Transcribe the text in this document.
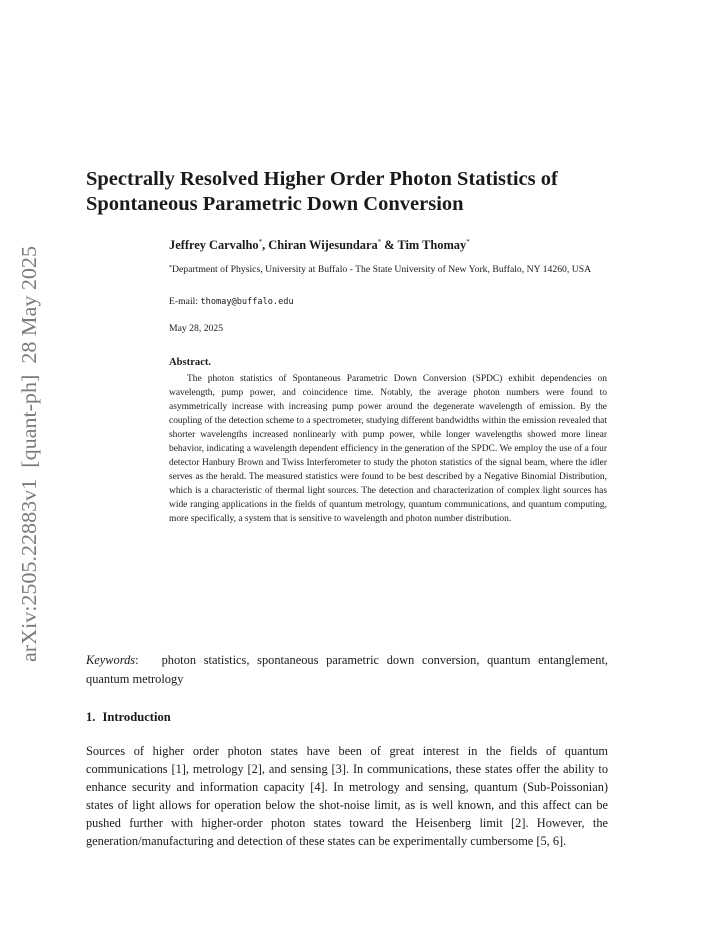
arXiv:2505.22883v1  [quant-ph]  28 May 2025
Spectrally Resolved Higher Order Photon Statistics of Spontaneous Parametric Down Conversion

Jeffrey Carvalho*, Chiran Wijesundara* & Tim Thomay*

*Department of Physics, University at Buffalo - The State University of New York, Buffalo, NY 14260, USA

E-mail: thomay@buffalo.edu

May 28, 2025

Abstract.

The photon statistics of Spontaneous Parametric Down Conversion (SPDC) exhibit dependencies on wavelength, pump power, and coincidence time. Notably, the average photon numbers were found to asymmetrically increase with increasing pump power around the degenerate wavelength of emission. By the coupling of the detection scheme to a spectrometer, studying different bandwidths within the emission revealed that shorter wavelengths increased nonlinearly with pump power, while longer wavelengths showed more linear behavior, indicating a wavelength dependent efficiency in the generation of the SPDC. We employ the use of a four detector Hanbury Brown and Twiss Interferometer to study the photon statistics of the signal beam, where the idler serves as the herald. The measured statistics were found to be best described by a Negative Binomial Distribution, which is a characteristic of thermal light sources. The detection and characterization of complex light sources has wide ranging applications in the fields of quantum metrology, quantum communications, and quantum computing, more specifically, a system that is sensitive to wavelength and photon number distribution.

Keywords:   photon statistics, spontaneous parametric down conversion, quantum entanglement, quantum metrology

1. Introduction

Sources of higher order photon states have been of great interest in the fields of quantum communications [1], metrology [2], and sensing [3]. In communications, these states offer the ability to enhance security and information capacity [4]. In metrology and sensing, quantum (Sub-Poissonian) states of light allows for operation below the shot-noise limit, as is well known, and this affect can be pushed further with higher-order photon states toward the Heisenberg limit [2]. However, the generation/manufacturing and detection of these states can be experimentally cumbersome [5, 6].
